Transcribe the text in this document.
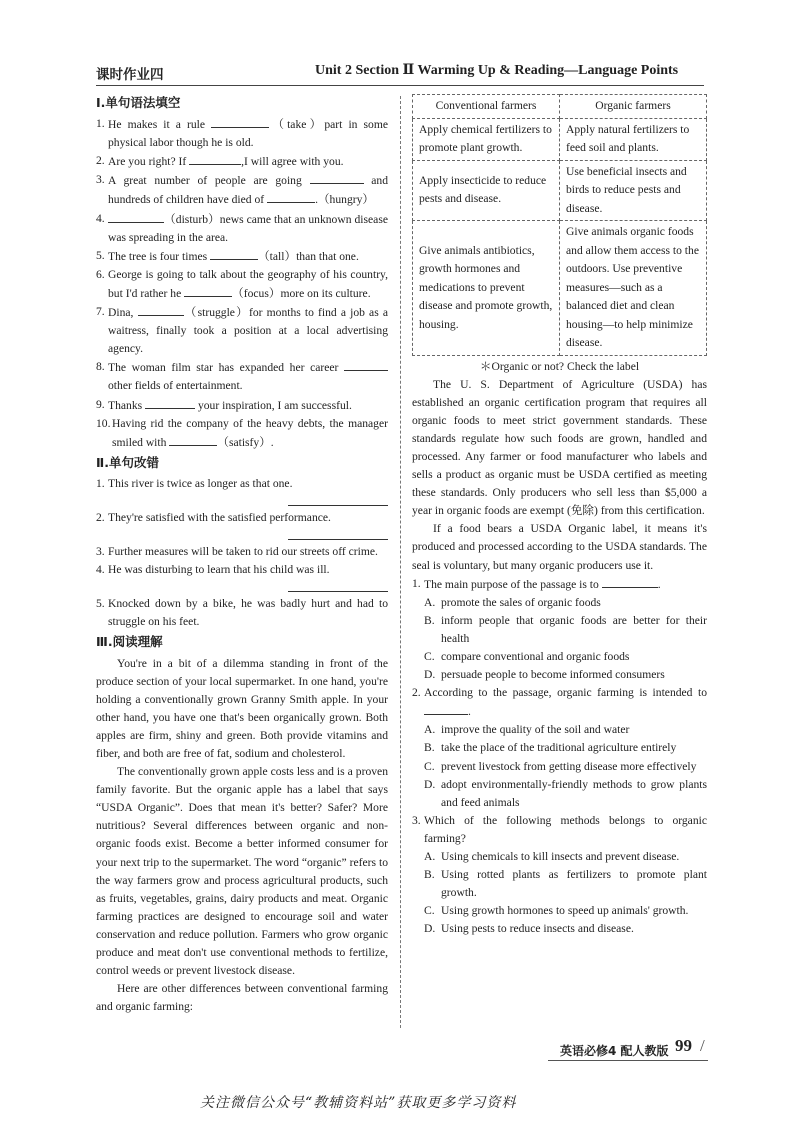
课时作业四	Unit 2 Section Ⅱ Warming Up & Reading—Language Points
Ⅰ.单句语法填空
1. He makes it a rule	（take）part in some physical labor though he is old.
2. Are you right? If	,I will agree with you.
3. A great number of people are going	and hundreds of children have died of	.（hungry）
4.	（disturb）news came that an unknown disease was spreading in the area.
5. The tree is four times	（tall）than that one.
6. George is going to talk about the geography of his country, but I'd rather he	（focus）more on its culture.
7. Dina,	（struggle）for months to find a job as a waitress, finally took a position at a local advertising agency.
8. The woman film star has expanded her career  other fields of entertainment.
9. Thanks	your inspiration, I am successful.
10. Having rid the company of the heavy debts, the manager smiled with	（satisfy）.
Ⅱ.单句改错
1. This river is twice as longer as that one.
2. They're satisfied with the satisfied performance.
3. Further measures will be taken to rid our streets off crime.
4. He was disturbing to learn that his child was ill.
5. Knocked down by a bike, he was badly hurt and had to struggle on his feet.
Ⅲ.阅读理解
You're in a bit of a dilemma standing in front of the produce section of your local supermarket. In one hand, you're holding a conventionally grown Granny Smith apple. In your other hand, you have one that's been organically grown. Both apples are firm, shiny and green. Both provide vitamins and fiber, and both are free of fat, sodium and cholesterol.
The conventionally grown apple costs less and is a proven family favorite. But the organic apple has a label that says “USDA Organic”. Does that mean it's better? Safer? More nutritious? Several differences between organic and non-organic foods exist. Become a better informed consumer for your next trip to the supermarket. The word “organic” refers to the way farmers grow and process agricultural products, such as fruits, vegetables, grains, dairy products and meat. Organic farming practices are designed to encourage soil and water conservation and reduce pollution. Farmers who grow organic produce and meat don't use conventional methods to fertilize, control weeds or prevent livestock disease.
Here are other differences between conventional farming and organic farming:
Conventional farmers	Organic farmers
Apply chemical fertilizers to promote plant growth.	Apply natural fertilizers to feed soil and plants.
Apply insecticide to reduce pests and disease.	Use beneficial insects and birds to reduce pests and disease.
Give animals antibiotics, growth hormones and medications to prevent disease and promote growth, housing.	Give animals organic foods and allow them access to the outdoors. Use preventive measures—such as a balanced diet and clean housing—to help minimize disease.
＊Organic or not? Check the label
The U. S. Department of Agriculture (USDA) has established an organic certification program that requires all organic foods to meet strict government standards. These standards regulate how such foods are grown, handled and processed. Any farmer or food manufacturer who labels and sells a product as organic must be USDA certified as meeting these standards. Only producers who sell less than $5,000 a year in organic foods are exempt (免除) from this certification.
If a food bears a USDA Organic label, it means it's produced and processed according to the USDA standards. The seal is voluntary, but many organic producers use it.
1. The main purpose of the passage is to	.
A. promote the sales of organic foods
B. inform people that organic foods are better for their health
C. compare conventional and organic foods
D. persuade people to become informed consumers
2. According to the passage, organic farming is intended to .
A. improve the quality of the soil and water
B. take the place of the traditional agriculture entirely
C. prevent livestock from getting disease more effectively
D. adopt environmentally-friendly methods to grow plants and feed animals
3. Which of the following methods belongs to organic farming?
A. Using chemicals to kill insects and prevent disease.
B. Using rotted plants as fertilizers to promote plant growth.
C. Using growth hormones to speed up animals' growth.
D. Using pests to reduce insects and disease.
英语必修4 配人教版 99 /
关注微信公众号“教辅资料站”获取更多学习资料
